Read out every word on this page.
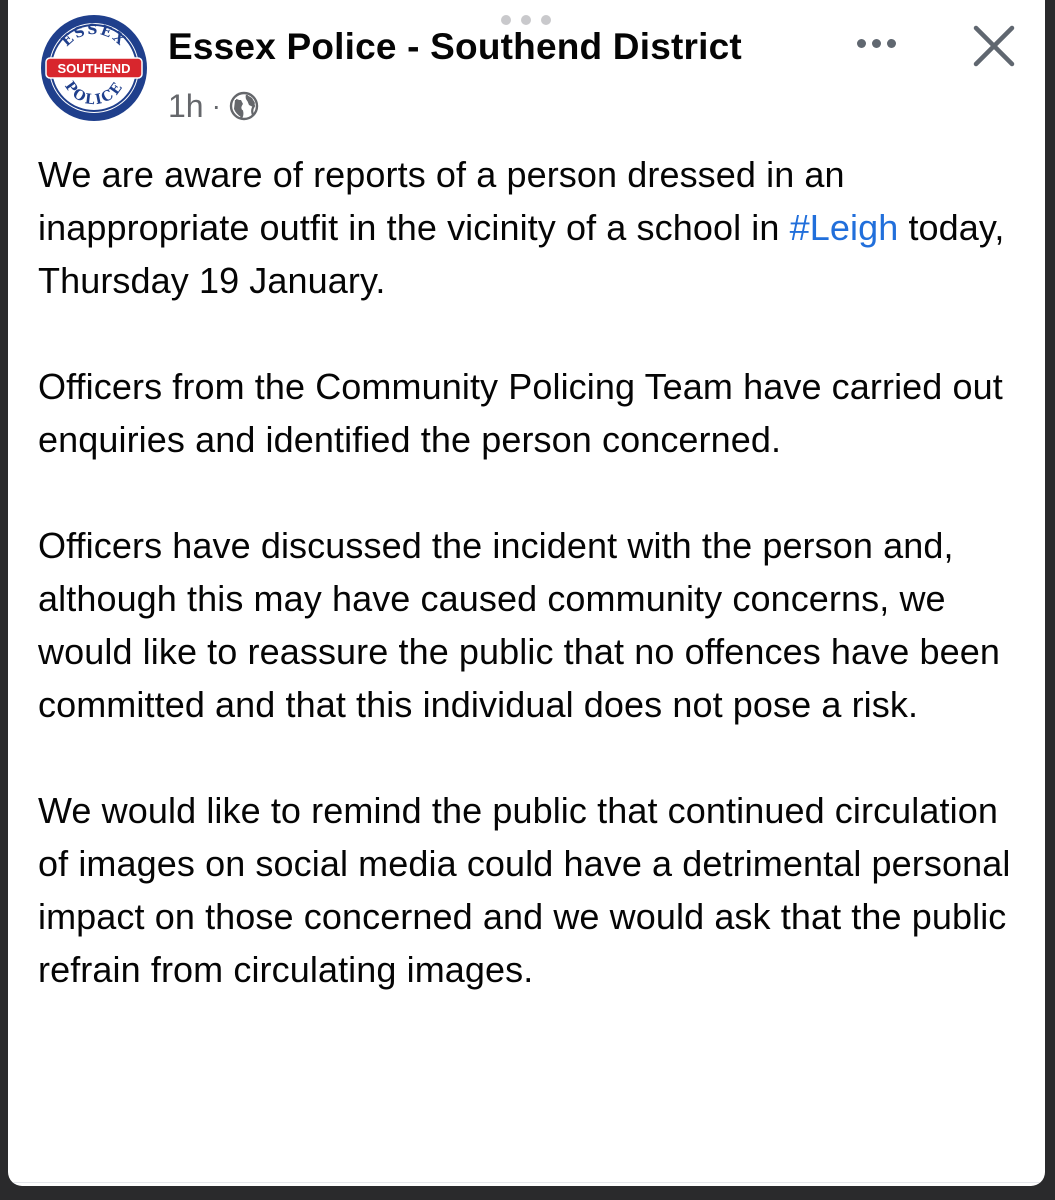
ESSEX
POLICE
SOUTHEND
Essex Police - Southend District
1h ·

We are aware of reports of a person dressed in an inappropriate outfit in the vicinity of a school in #Leigh today, Thursday 19 January.

Officers from the Community Policing Team have carried out enquiries and identified the person concerned.

Officers have discussed the incident with the person and, although this may have caused community concerns, we would like to reassure the public that no offences have been committed and that this individual does not pose a risk.

We would like to remind the public that continued circulation of images on social media could have a detrimental personal impact on those concerned and we would ask that the public refrain from circulating images.
